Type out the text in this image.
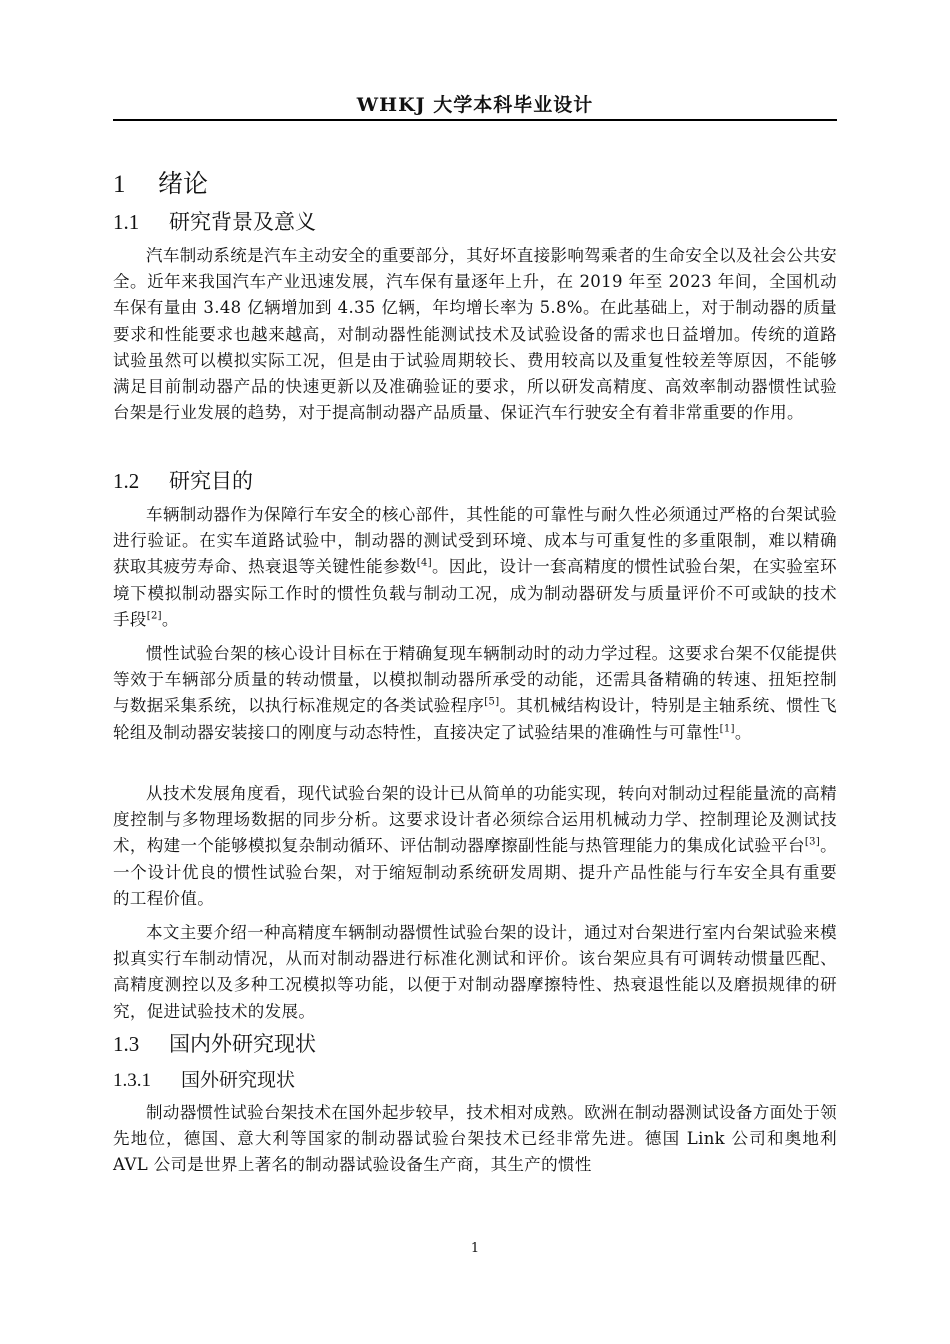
WHKJ 大学本科毕业设计
1 绪论
1.1 研究背景及意义
汽车制动系统是汽车主动安全的重要部分，其好坏直接影响驾乘者的生命安全以及社会公共安全。近年来我国汽车产业迅速发展，汽车保有量逐年上升，在 2019 年至 2023 年间，全国机动车保有量由 3.48 亿辆增加到 4.35 亿辆，年均增长率为 5.8%。在此基础上，对于制动器的质量要求和性能要求也越来越高，对制动器性能测试技术及试验设备的需求也日益增加。传统的道路试验虽然可以模拟实际工况，但是由于试验周期较长、费用较高以及重复性较差等原因，不能够满足目前制动器产品的快速更新以及准确验证的要求，所以研发高精度、高效率制动器惯性试验台架是行业发展的趋势，对于提高制动器产品质量、保证汽车行驶安全有着非常重要的作用。
1.2 研究目的
车辆制动器作为保障行车安全的核心部件，其性能的可靠性与耐久性必须通过严格的台架试验进行验证。在实车道路试验中，制动器的测试受到环境、成本与可重复性的多重限制，难以精确获取其疲劳寿命、热衰退等关键性能参数[4]。因此，设计一套高精度的惯性试验台架，在实验室环境下模拟制动器实际工作时的惯性负载与制动工况，成为制动器研发与质量评价不可或缺的技术手段[2]。
惯性试验台架的核心设计目标在于精确复现车辆制动时的动力学过程。这要求台架不仅能提供等效于车辆部分质量的转动惯量，以模拟制动器所承受的动能，还需具备精确的转速、扭矩控制与数据采集系统，以执行标准规定的各类试验程序[5]。其机械结构设计，特别是主轴系统、惯性飞轮组及制动器安装接口的刚度与动态特性，直接决定了试验结果的准确性与可靠性[1]。
从技术发展角度看，现代试验台架的设计已从简单的功能实现，转向对制动过程能量流的高精度控制与多物理场数据的同步分析。这要求设计者必须综合运用机械动力学、控制理论及测试技术，构建一个能够模拟复杂制动循环、评估制动器摩擦副性能与热管理能力的集成化试验平台[3]。一个设计优良的惯性试验台架，对于缩短制动系统研发周期、提升产品性能与行车安全具有重要的工程价值。
本文主要介绍一种高精度车辆制动器惯性试验台架的设计，通过对台架进行室内台架试验来模拟真实行车制动情况，从而对制动器进行标准化测试和评价。该台架应具有可调转动惯量匹配、高精度测控以及多种工况模拟等功能，以便于对制动器摩擦特性、热衰退性能以及磨损规律的研究，促进试验技术的发展。
1.3 国内外研究现状
1.3.1 国外研究现状
制动器惯性试验台架技术在国外起步较早，技术相对成熟。欧洲在制动器测试设备方面处于领先地位，德国、意大利等国家的制动器试验台架技术已经非常先进。德国 Link 公司和奥地利 AVL 公司是世界上著名的制动器试验设备生产商，其生产的惯性
1
